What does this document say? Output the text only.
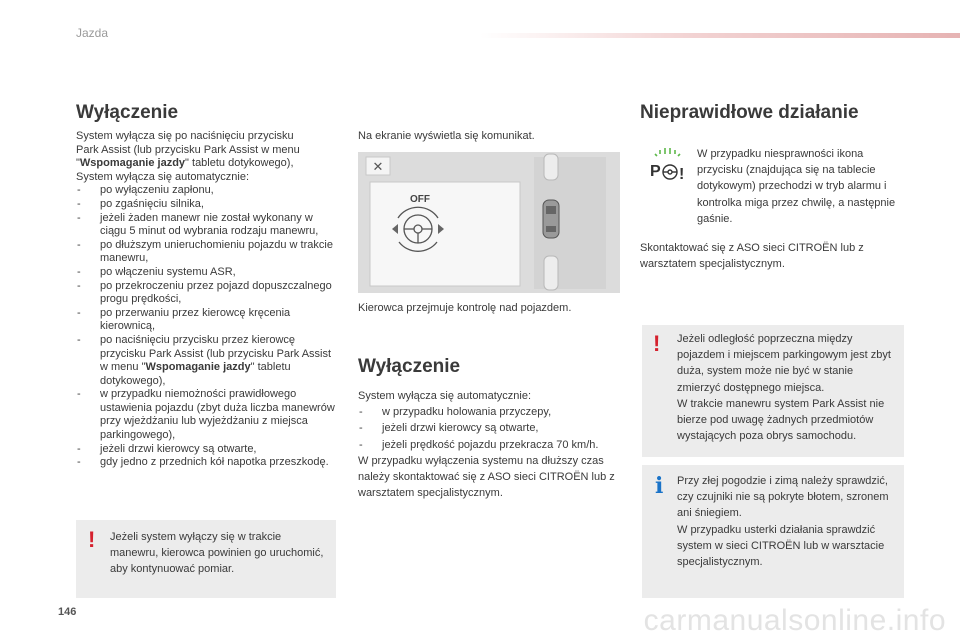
Jazda
146	carmanualsonline.info
Wyłączenie

System wyłącza się po naciśnięciu przycisku

Park Assist (lub przycisku Park Assist w menu

"Wspomaganie jazdy" tabletu dotykowego),

System wyłącza się automatycznie:

- po wyłączeniu zapłonu,
- po zgaśnięciu silnika,
- jeżeli żaden manewr nie został wykonany w ciągu 5 minut od wybrania rodzaju manewru,
- po dłuższym unieruchomieniu pojazdu w trakcie manewru,
- po włączeniu systemu ASR,
- po przekroczeniu przez pojazd dopuszczalnego progu prędkości,
- po przerwaniu przez kierowcę kręcenia kierownicą,
- po naciśnięciu przycisku przez kierowcę przycisku Park Assist (lub przycisku Park Assist w menu "Wspomaganie jazdy" tabletu dotykowego),
- w przypadku niemożności prawidłowego ustawienia pojazdu (zbyt duża liczba manewrów przy wjeżdżaniu lub wyjeżdżaniu z miejsca parkingowego),
- jeżeli drzwi kierowcy są otwarte,
- gdy jedno z przednich kół napotka przeszkodę.
! Jeżeli system wyłączy się w trakcie manewru, kierowca powinien go uruchomić, aby kontynuować pomiar.
Na ekranie wyświetla się komunikat.
✕
OFF
Kierowca przejmuje kontrolę nad pojazdem.
Wyłączenie

System wyłącza się automatycznie:

- w przypadku holowania przyczepy,
- jeżeli drzwi kierowcy są otwarte,
- jeżeli prędkość pojazdu przekracza 70 km/h.

W przypadku wyłączenia systemu na dłuższy czas należy skontaktować się z ASO sieci CITROËN lub z warsztatem specjalistycznym.

Nieprawidłowe działanie
P !
W przypadku niesprawności ikona przycisku (znajdująca się na tablecie dotykowym) przechodzi w tryb alarmu i kontrolka miga przez chwilę, a następnie gaśnie.
Skontaktować się z ASO sieci CITROËN lub z warsztatem specjalistycznym.
! Jeżeli odległość poprzeczna między pojazdem i miejscem parkingowym jest zbyt duża, system może nie być w stanie zmierzyć dostępnego miejsca.
W trakcie manewru system Park Assist nie bierze pod uwagę żadnych przedmiotów wystających poza obrys samochodu.
i Przy złej pogodzie i zimą należy sprawdzić, czy czujniki nie są pokryte błotem, szronem ani śniegiem.
W przypadku usterki działania sprawdzić system w sieci CITROËN lub w warsztacie specjalistycznym.
